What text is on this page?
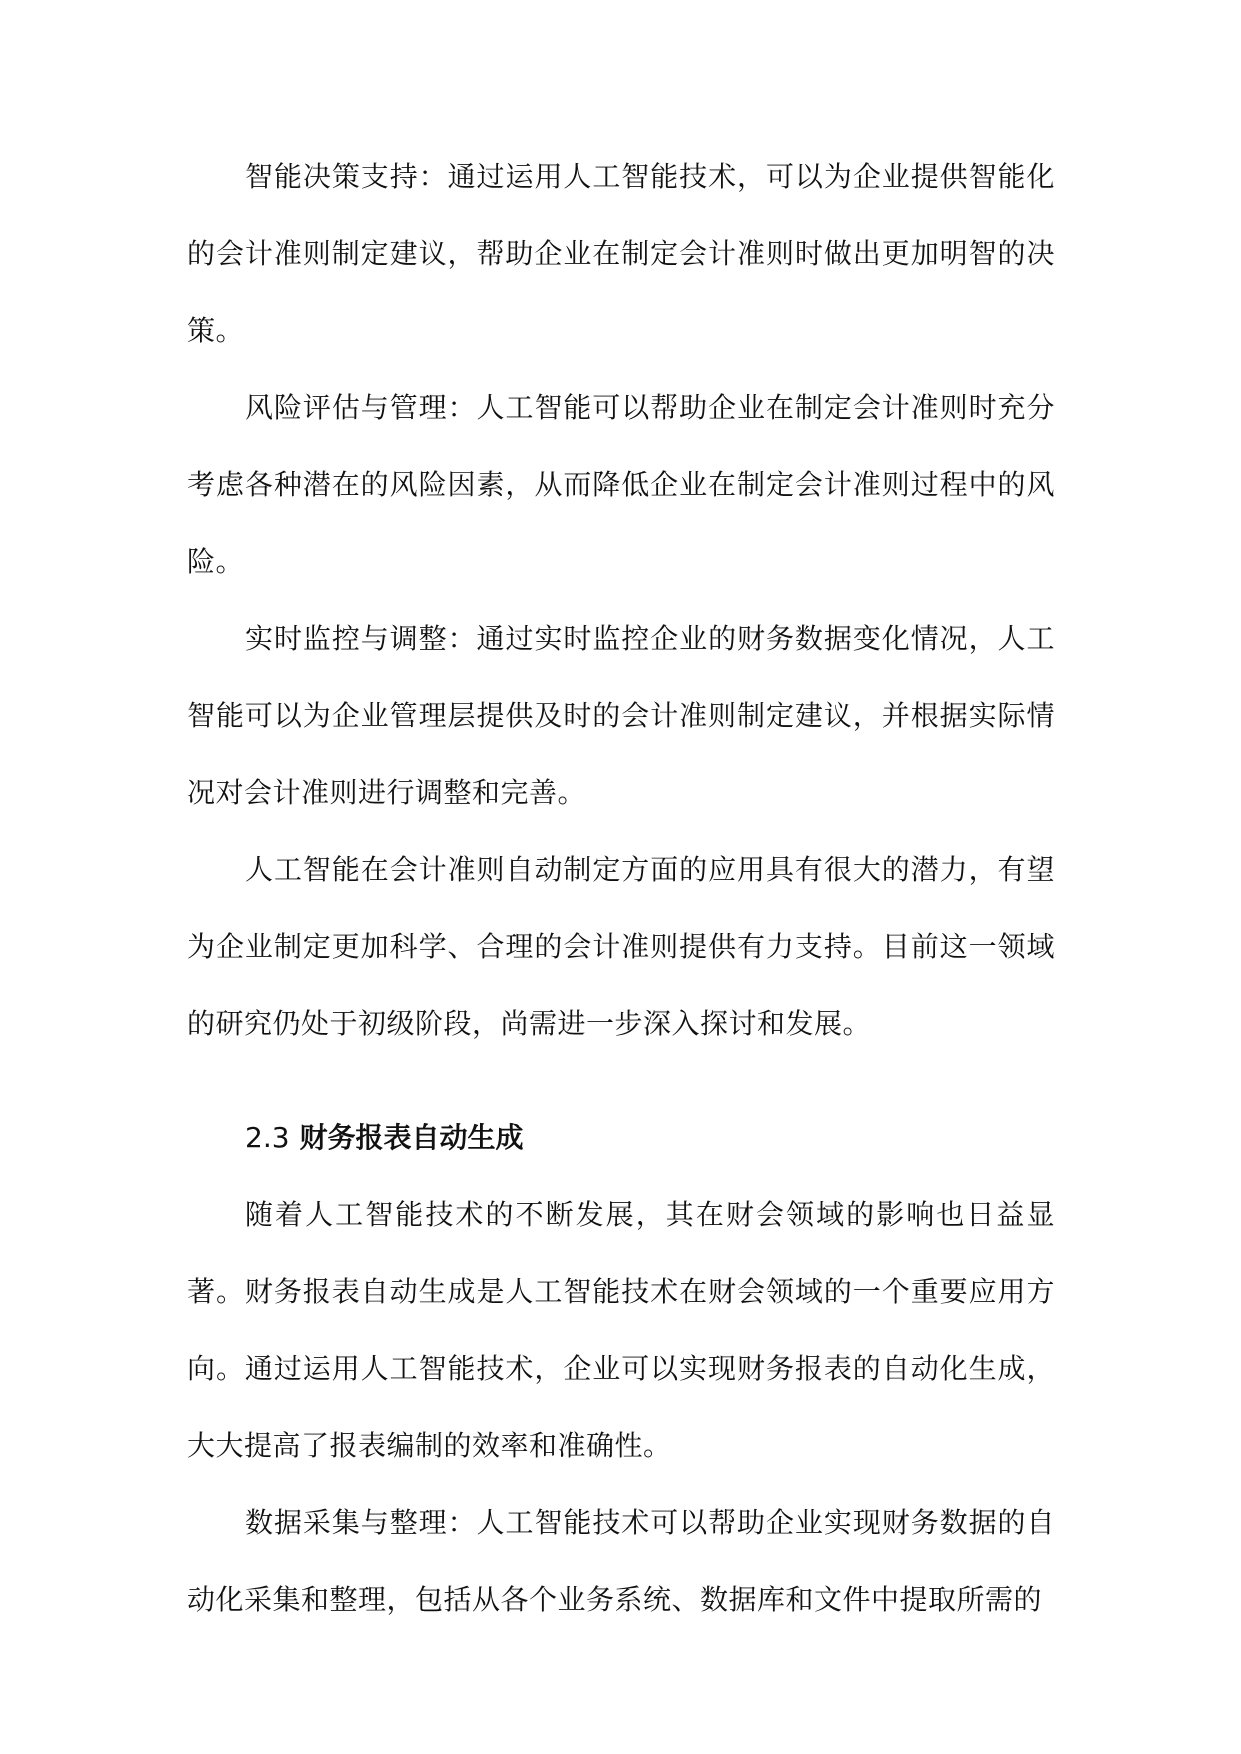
智能决策支持：通过运用人工智能技术，可以为企业提供智能化的会计准则制定建议，帮助企业在制定会计准则时做出更加明智的决策。

风险评估与管理：人工智能可以帮助企业在制定会计准则时充分考虑各种潜在的风险因素，从而降低企业在制定会计准则过程中的风险。

实时监控与调整：通过实时监控企业的财务数据变化情况，人工智能可以为企业管理层提供及时的会计准则制定建议，并根据实际情况对会计准则进行调整和完善。

人工智能在会计准则自动制定方面的应用具有很大的潜力，有望为企业制定更加科学、合理的会计准则提供有力支持。目前这一领域的研究仍处于初级阶段，尚需进一步深入探讨和发展。

2.3 财务报表自动生成

随着人工智能技术的不断发展，其在财会领域的影响也日益显著。财务报表自动生成是人工智能技术在财会领域的一个重要应用方向。通过运用人工智能技术，企业可以实现财务报表的自动化生成，大大提高了报表编制的效率和准确性。

数据采集与整理：人工智能技术可以帮助企业实现财务数据的自动化采集和整理，包括从各个业务系统、数据库和文件中提取所需的
